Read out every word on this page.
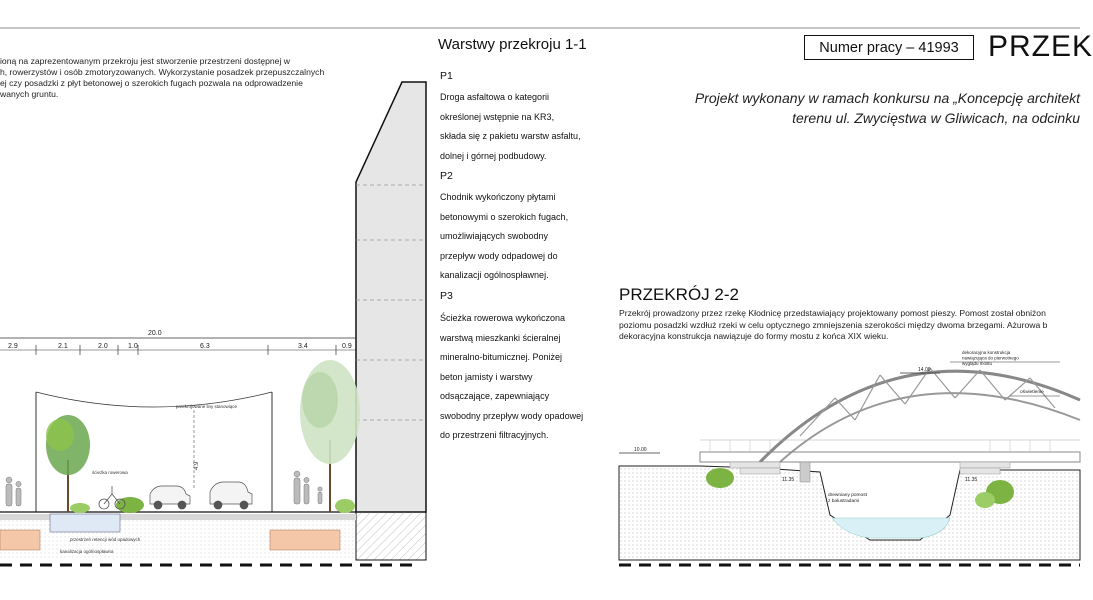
ioną na zaprezentowanym przekroju jest stworzenie przestrzeni dostępnej w
h, rowerzystów i osób zmotoryzowanych. Wykorzystanie posadzek przepuszczalnych
ej czy posadzki z płyt betonowej o szerokich fugach pozwala na odprowadzenie
wanych gruntu.
Warstwy przekroju 1-1
P1
Droga asfaltowa o kategorii
określonej wstępnie na KR3,
składa się z pakietu warstw asfaltu,
dolnej i górnej podbudowy.
P2
Chodnik wykończony płytami
betonowymi o szerokich fugach,
umożliwiających swobodny
przepływ wody odpadowej do
kanalizacji ogólnospławnej.
P3
Ścieżka rowerowa wykończona
warstwą mieszkanki ścieralnej
mineralno-bitumicznej. Poniżej
beton jamisty i warstwy
odsączające, zapewniający
swobodny przepływ wody opadowej
do przestrzeni filtracyjnych.
Numer pracy – 41993 PRZEK
Projekt wykonany w ramach konkursu na „Koncepcję architekt
terenu ul. Zwycięstwa w Gliwicach, na odcinku
PRZEKRÓJ 2-2
Przekrój prowadzony przez rzekę Kłodnicę przedstawiający projektowany pomost pieszy. Pomost został obniżon
poziomu posadzki wzdłuż rzeki w celu optycznego zmniejszenia szerokości między dwoma brzegami. Ażurowa b
dekoracyjna konstrukcja nawiązuje do formy mostu z końca XIX wieku.
20.0
2.9	2.1	2.0	1.0	6.3	3.4	0.9
4.9
przekrojowane liny stanowiące
ścieżka rowerowa
przestrzeń retencji wód opadowych
kanalizacja ogólnospławna
10.00
14.00
11.35	11.35
dekoracyjna konstrukcja nawiązująca do pierwotnego wyglądu mostu
oświetlenie
drewniany pomost z balustradami
